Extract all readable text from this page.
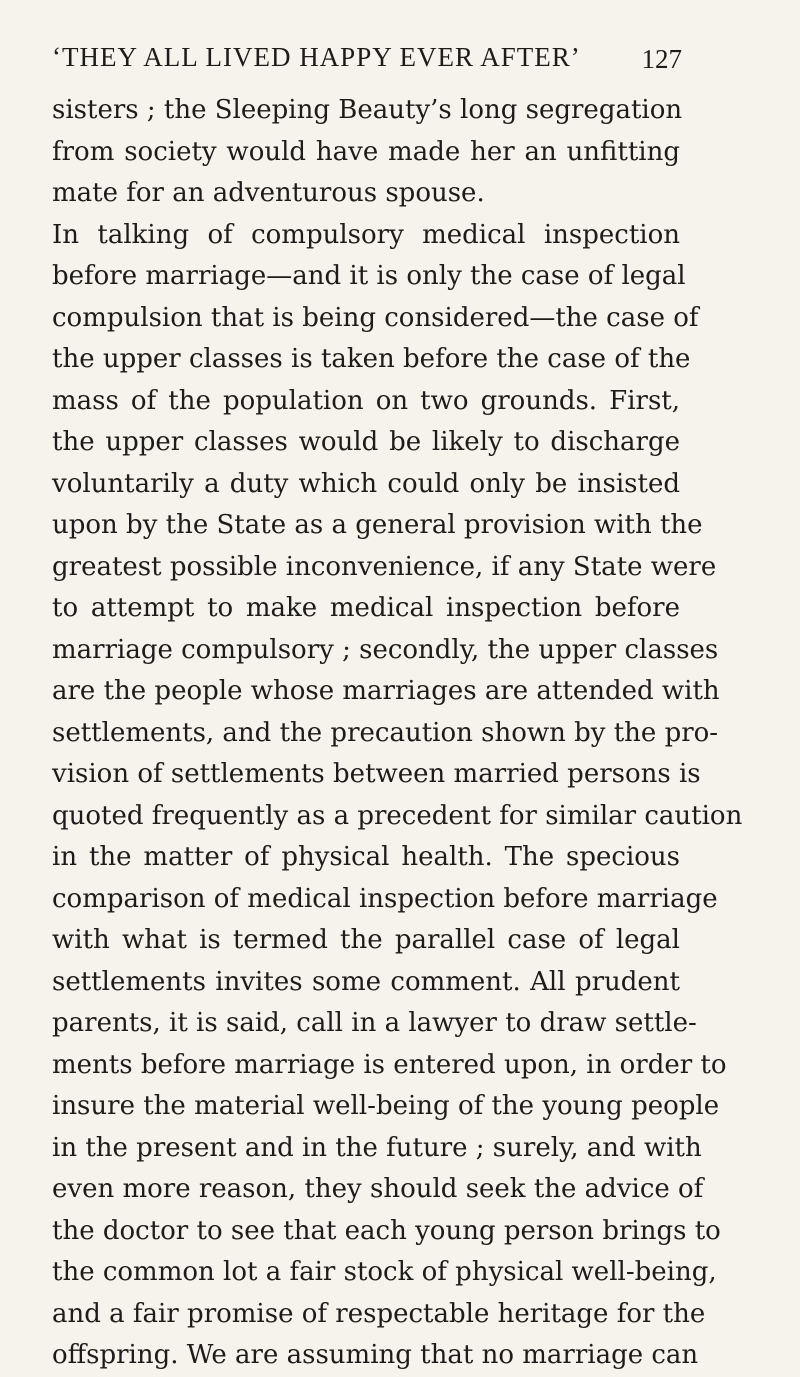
‘THEY ALL LIVED HAPPY EVER AFTER’ 127
sisters ; the Sleeping Beauty’s long segregation
from society would have made her an unfitting
mate for an adventurous spouse.
In talking of compulsory medical inspection
before marriage—and it is only the case of legal
compulsion that is being considered—the case of
the upper classes is taken before the case of the
mass of the population on two grounds. First,
the upper classes would be likely to discharge
voluntarily a duty which could only be insisted
upon by the State as a general provision with the
greatest possible inconvenience, if any State were
to attempt to make medical inspection before
marriage compulsory ; secondly, the upper classes
are the people whose marriages are attended with
settlements, and the precaution shown by the pro-
vision of settlements between married persons is
quoted frequently as a precedent for similar caution
in the matter of physical health. The specious
comparison of medical inspection before marriage
with what is termed the parallel case of legal
settlements invites some comment. All prudent
parents, it is said, call in a lawyer to draw settle-
ments before marriage is entered upon, in order to
insure the material well-being of the young people
in the present and in the future ; surely, and with
even more reason, they should seek the advice of
the doctor to see that each young person brings to
the common lot a fair stock of physical well-being,
and a fair promise of respectable heritage for the
offspring. We are assuming that no marriage can
